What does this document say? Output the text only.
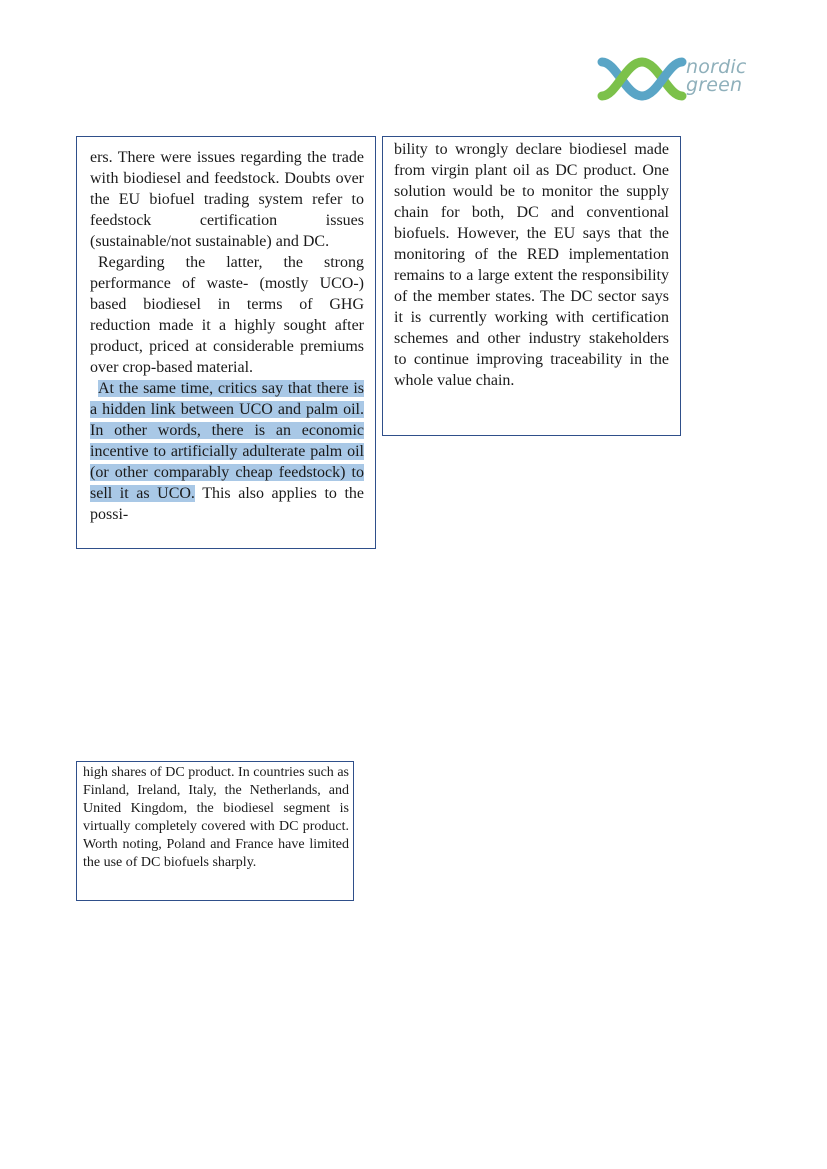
nordic
green

ers. There were issues regarding the trade with biodiesel and feedstock. Doubts over the EU biofuel trading system refer to feedstock certification issues (sustainable/not sustainable) and DC.

Regarding the latter, the strong performance of waste- (mostly UCO-) based biodiesel in terms of GHG reduction made it a highly sought after product, priced at considerable premiums over crop-based material.

At the same time, critics say that there is a hidden link between UCO and palm oil. In other words, there is an economic incentive to artificially adulterate palm oil (or other comparably cheap feedstock) to sell it as UCO. This also applies to the possi-

bility to wrongly declare biodiesel made from virgin plant oil as DC product. One solution would be to monitor the supply chain for both, DC and conventional biofuels. However, the EU says that the monitoring of the RED implementation remains to a large extent the responsibility of the member states. The DC sector says it is currently working with certification schemes and other industry stakeholders to continue improving traceability in the whole value chain.

high shares of DC product. In countries such as Finland, Ireland, Italy, the Netherlands, and United Kingdom, the biodiesel segment is virtually completely covered with DC product. Worth noting, Poland and France have limited the use of DC biofuels sharply.
